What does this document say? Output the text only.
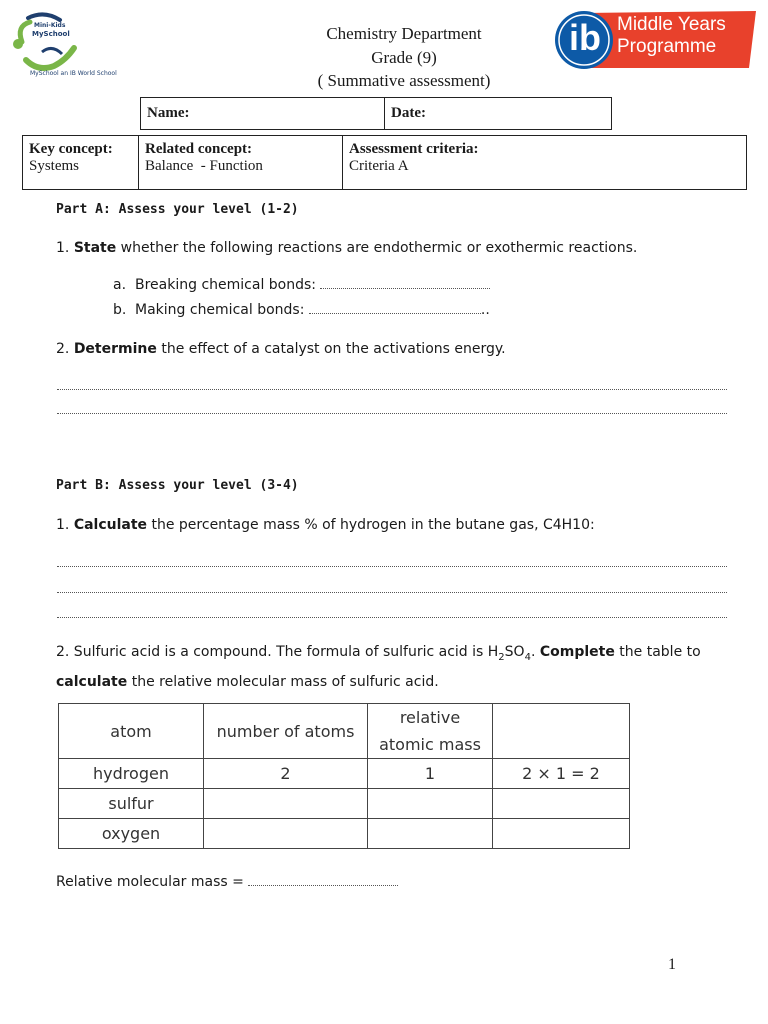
Mini-Kids
MySchool
MySchool an IB World School
Chemistry Department
Grade (9)
( Summative assessment)
ib Middle Years
Programme
Name:	Date:
Key concept:
Systems	
Related concept:
Balance  - Function	
Assessment criteria:
Criteria A
Part A: Assess your level (1-2)
1. State whether the following reactions are endothermic or exothermic reactions.
a. Breaking chemical bonds:
b. Making chemical bonds:	..
2. Determine the effect of a catalyst on the activations energy.
Part B: Assess your level (3-4)
1. Calculate the percentage mass % of hydrogen in the butane gas, C4H10:
2. Sulfuric acid is a compound. The formula of sulfuric acid is $H_2SO_4$. Complete the table to
calculate the relative molecular mass of sulfuric acid.
atom	number of atoms	relative
atomic mass	
hydrogen	2	1	2 × 1 = 2
sulfur			
oxygen			
Relative molecular mass =
1
